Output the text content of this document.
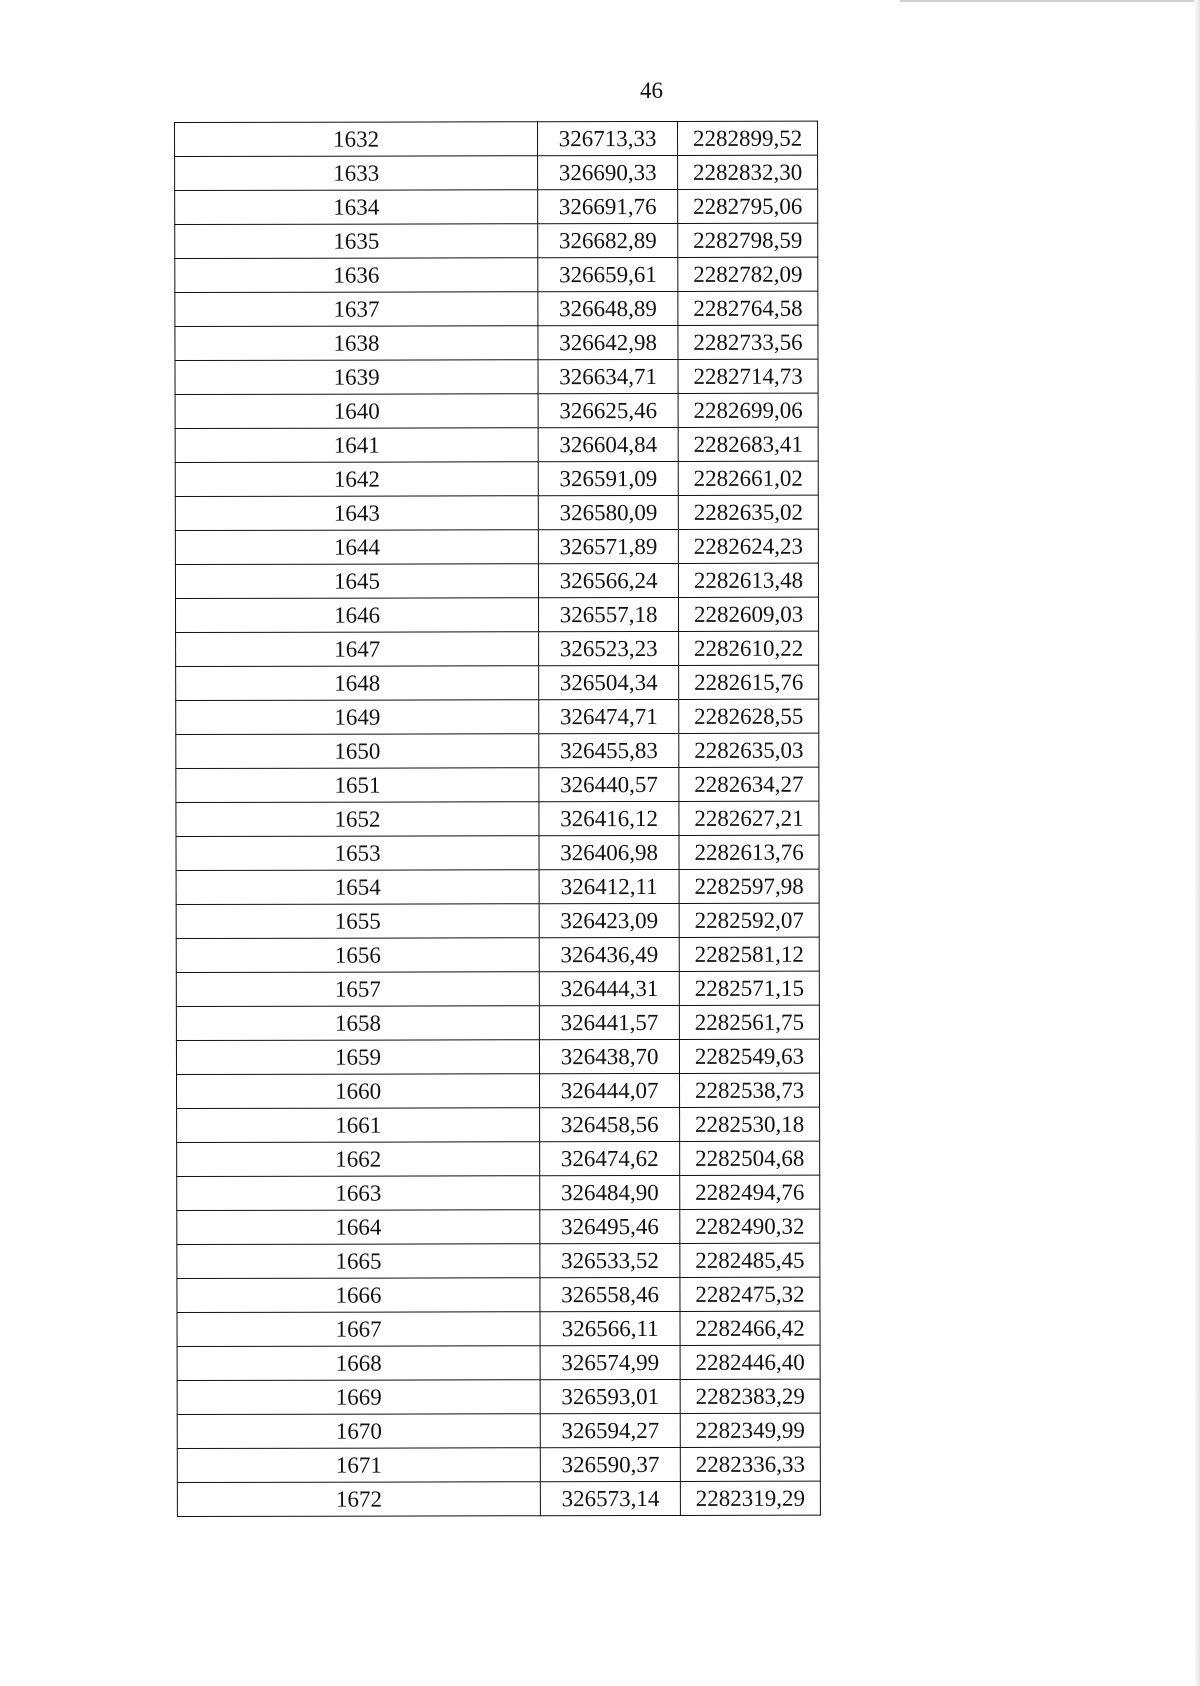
46
1632	326713,33	2282899,52
1633	326690,33	2282832,30
1634	326691,76	2282795,06
1635	326682,89	2282798,59
1636	326659,61	2282782,09
1637	326648,89	2282764,58
1638	326642,98	2282733,56
1639	326634,71	2282714,73
1640	326625,46	2282699,06
1641	326604,84	2282683,41
1642	326591,09	2282661,02
1643	326580,09	2282635,02
1644	326571,89	2282624,23
1645	326566,24	2282613,48
1646	326557,18	2282609,03
1647	326523,23	2282610,22
1648	326504,34	2282615,76
1649	326474,71	2282628,55
1650	326455,83	2282635,03
1651	326440,57	2282634,27
1652	326416,12	2282627,21
1653	326406,98	2282613,76
1654	326412,11	2282597,98
1655	326423,09	2282592,07
1656	326436,49	2282581,12
1657	326444,31	2282571,15
1658	326441,57	2282561,75
1659	326438,70	2282549,63
1660	326444,07	2282538,73
1661	326458,56	2282530,18
1662	326474,62	2282504,68
1663	326484,90	2282494,76
1664	326495,46	2282490,32
1665	326533,52	2282485,45
1666	326558,46	2282475,32
1667	326566,11	2282466,42
1668	326574,99	2282446,40
1669	326593,01	2282383,29
1670	326594,27	2282349,99
1671	326590,37	2282336,33
1672	326573,14	2282319,29
